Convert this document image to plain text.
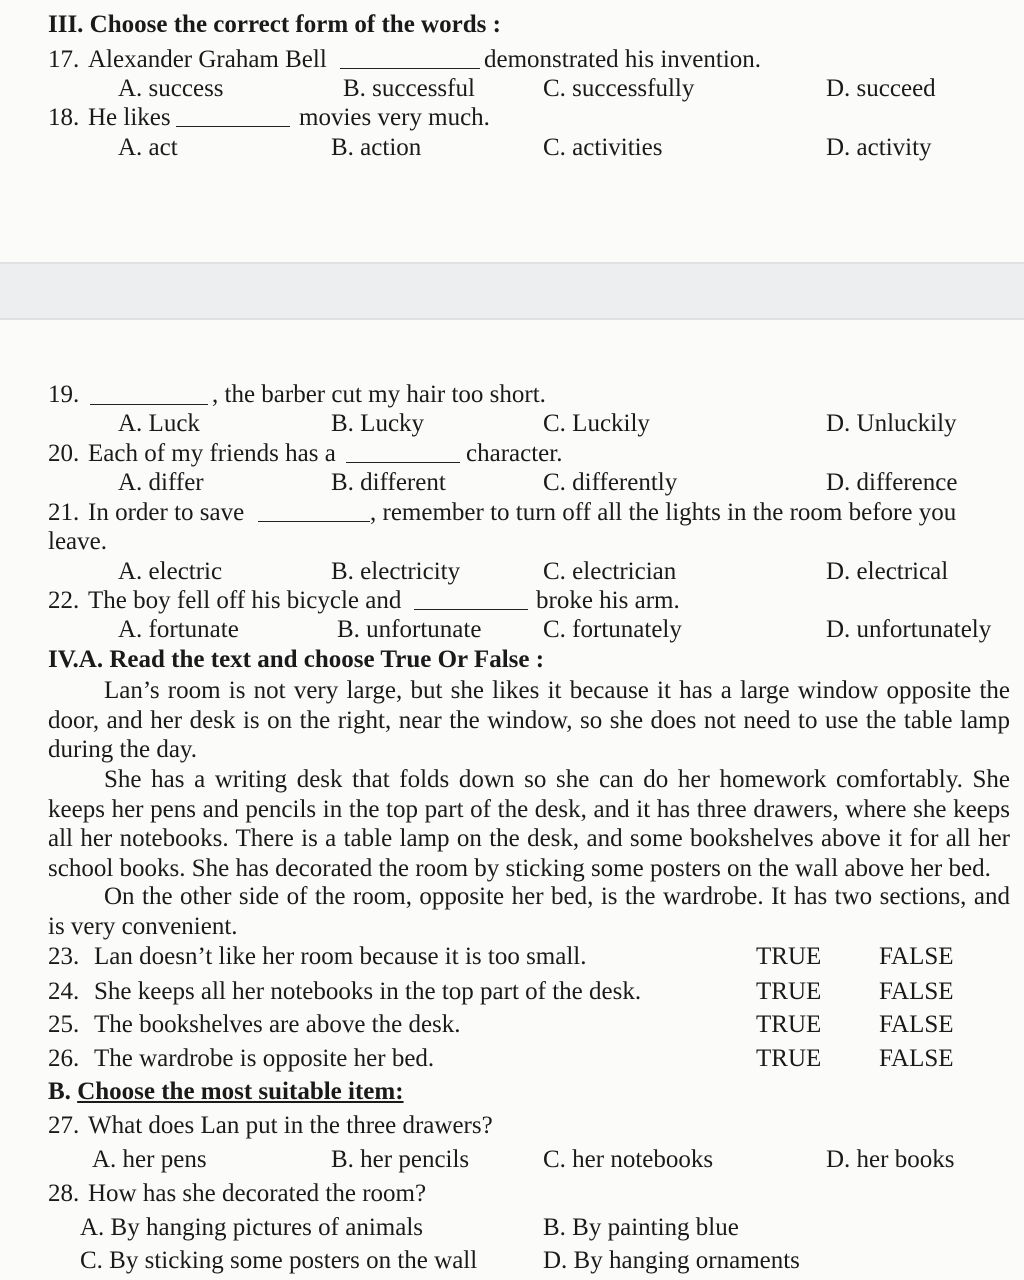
III. Choose the correct form of the words :
17. Alexander Graham Bell	demonstrated his invention.
A. success	B. successful	C. successfully	D. succeed
18. He likes	movies very much.
A. act	B. action	C. activities	D. activity
19.	, the barber cut my hair too short.
A. Luck	B. Lucky	C. Luckily	D. Unluckily
20. Each of my friends has a	character.
A. differ	B. different	C. differently	D. difference
21. In order to save	, remember to turn off all the lights in the room before you
leave.
A. electric	B. electricity	C. electrician	D. electrical
22. The boy fell off his bicycle and	broke his arm.
A. fortunate	B. unfortunate C. fortunately	D. unfortunately
IV.A. Read the text and choose True Or False :
Lan’s room is not very large, but she likes it because it has a large window opposite the door, and her desk is on the right, near the window, so she does not need to use the table lamp during the day.
She has a writing desk that folds down so she can do her homework comfortably. She keeps her pens and pencils in the top part of the desk, and it has three drawers, where she keeps all her notebooks. There is a table lamp on the desk, and some bookshelves above it for all her school books. She has decorated the room by sticking some posters on the wall above her bed.
On the other side of the room, opposite her bed, is the wardrobe. It has two sections, and is very convenient.
23. Lan doesn’t like her room because it is too small.	TRUE FALSE
24. She keeps all her notebooks in the top part of the desk.	TRUE FALSE
25. The bookshelves are above the desk.	TRUE FALSE
26. The wardrobe is opposite her bed.	TRUE FALSE
B. Choose the most suitable item:
27. What does Lan put in the three drawers?
A. her pens	B. her pencils	C. her notebooks	D. her books
28. How has she decorated the room?
A. By hanging pictures of animals	B. By painting blue
C. By sticking some posters on the wall	D. By hanging ornaments
